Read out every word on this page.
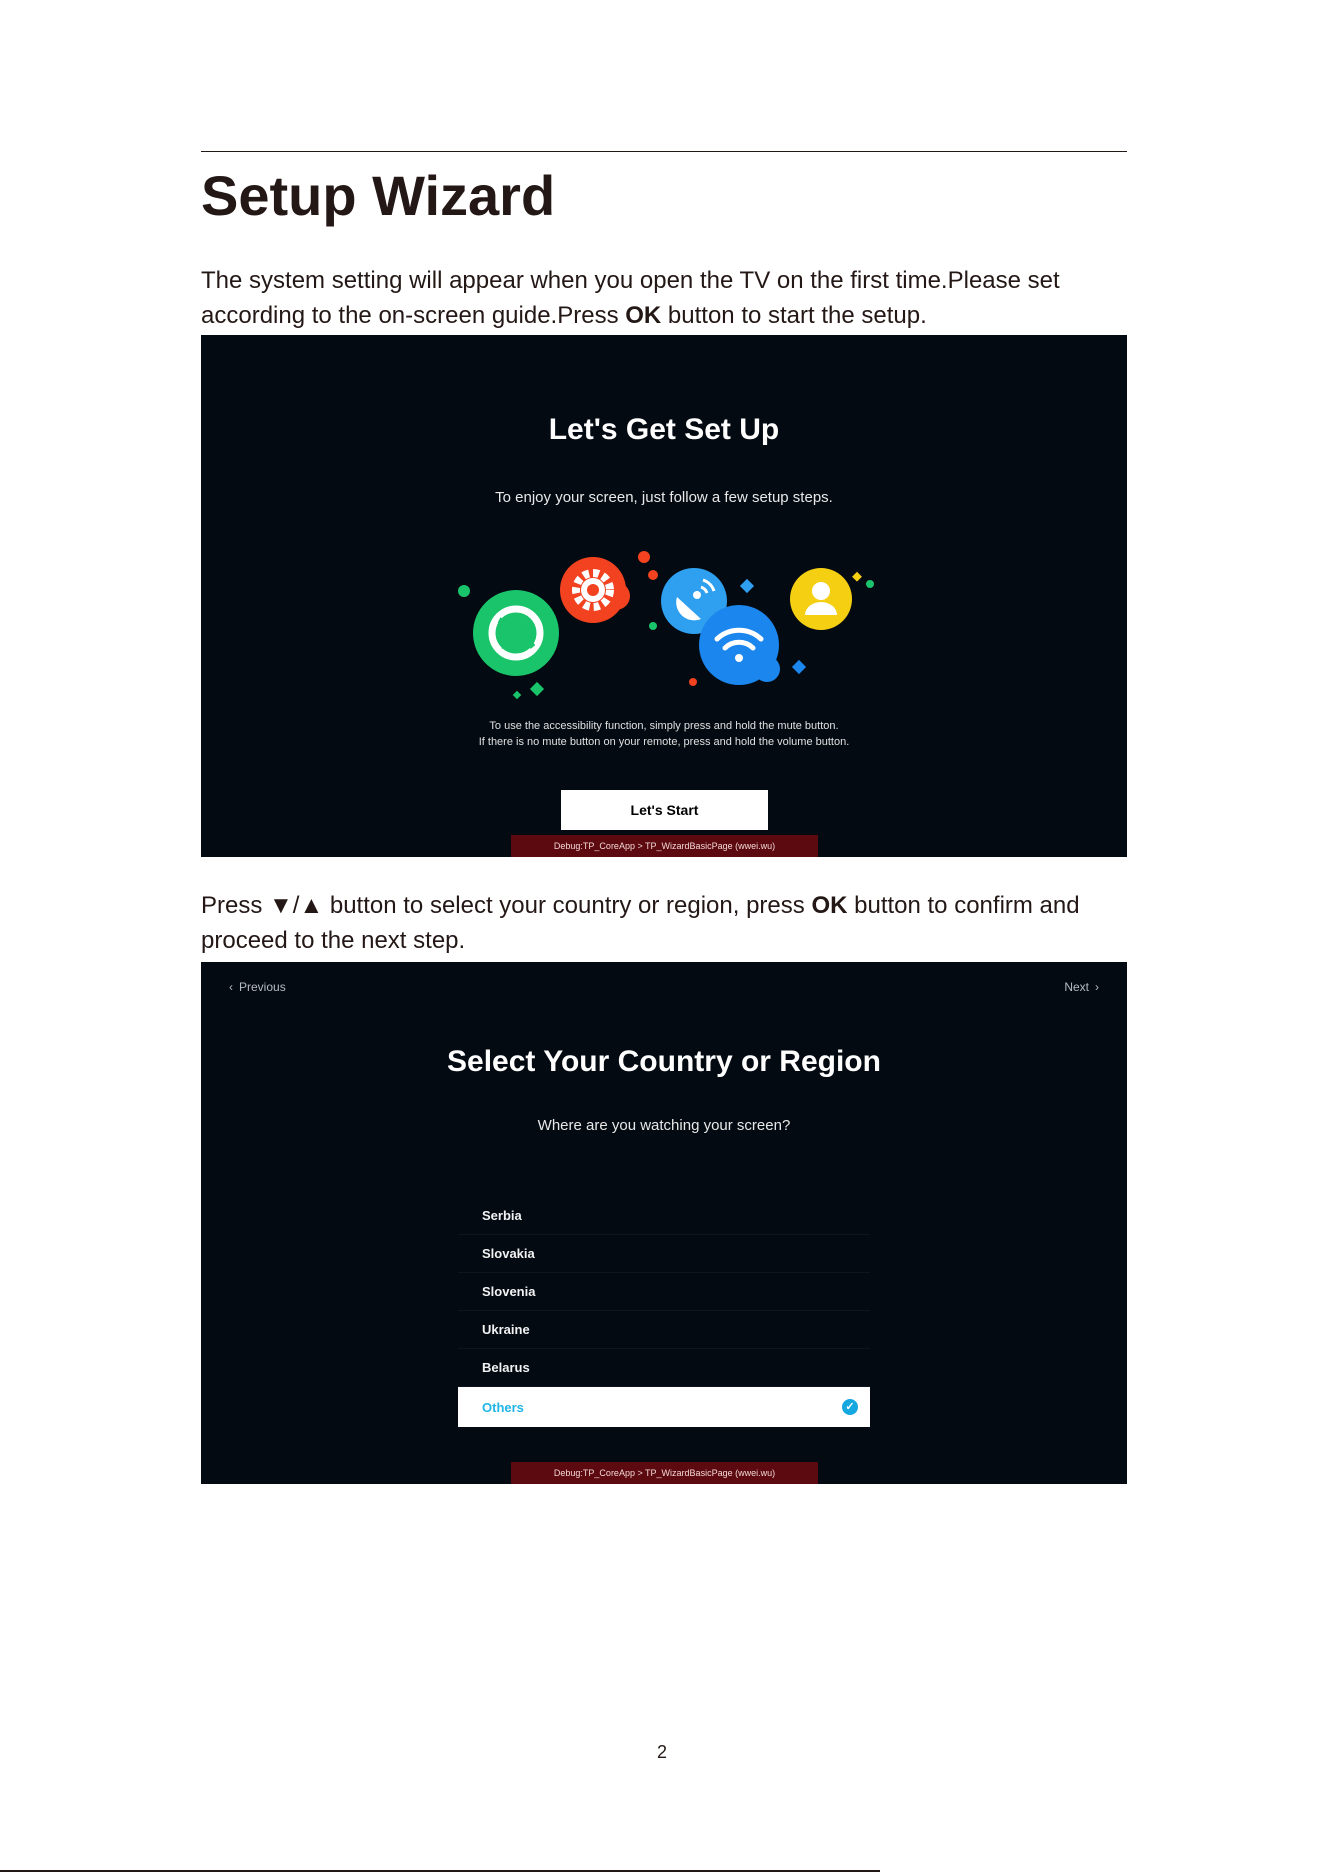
Setup Wizard

The system setting will appear when you open the TV on the first time.Please set according to the on-screen guide.Press OK button to start the setup.

Let's Get Set Up
To enjoy your screen, just follow a few setup steps.
To use the accessibility function, simply press and hold the mute button.
If there is no mute button on your remote, press and hold the volume button.
Let's Start
Debug:TP_CoreApp > TP_WizardBasicPage (wwei.wu)

Press ▼/▲ button to select your country or region, press OK button to confirm and proceed to the next step.

‹ Previous	Next ›
Select Your Country or Region
Where are you watching your screen?
Serbia
Slovakia
Slovenia
Ukraine
Belarus
Others	✓
Debug:TP_CoreApp > TP_WizardBasicPage (wwei.wu)
2
